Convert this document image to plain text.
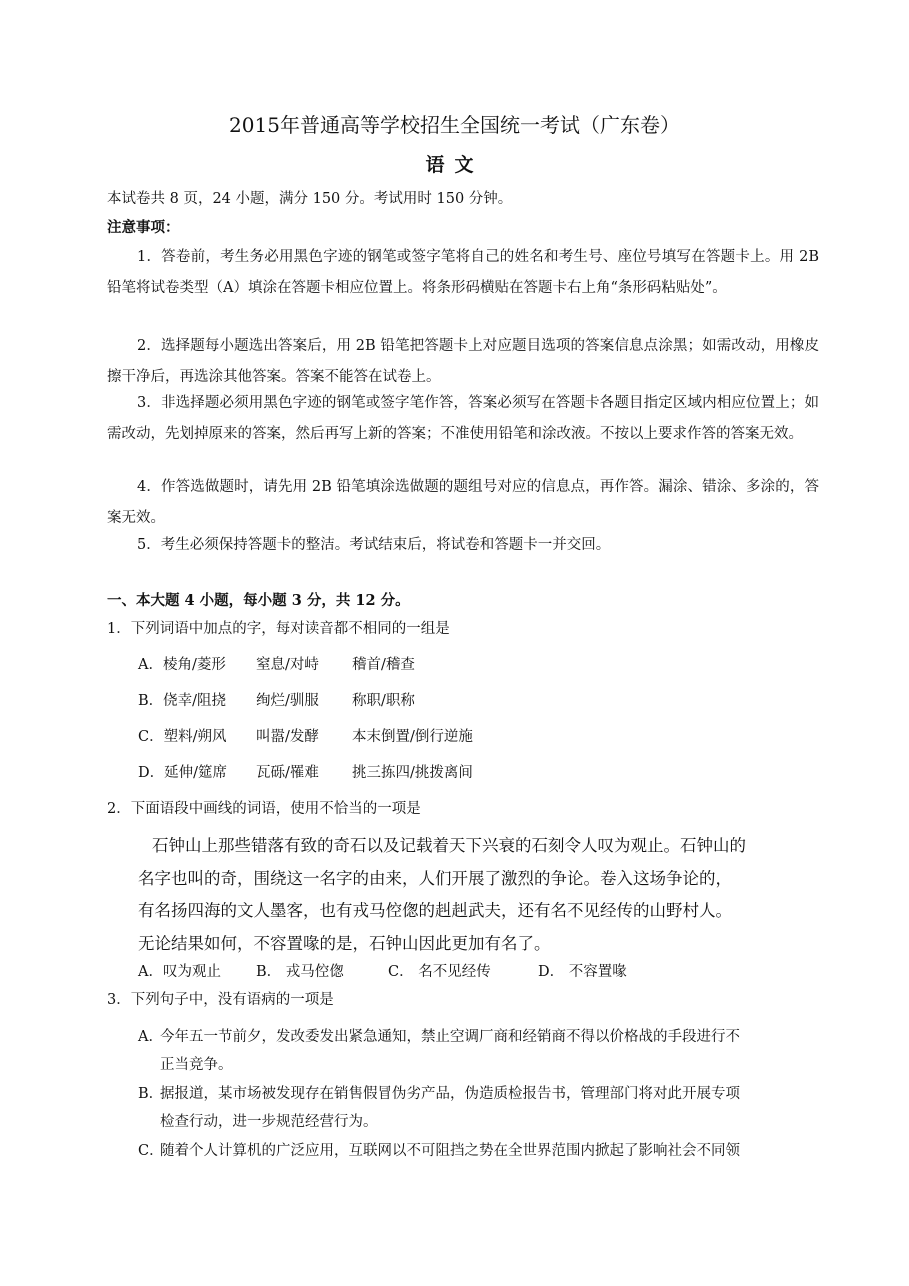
2015年普通高等学校招生全国统一考试（广东卷）
语文
本试卷共 8 页，24 小题，满分 150 分。考试用时 150 分钟。
注意事项：
1．答卷前，考生务必用黑色字迹的钢笔或签字笔将自己的姓名和考生号、座位号填写在答题卡上。用 2B 铅笔将试卷类型（A）填涂在答题卡相应位置上。将条形码横贴在答题卡右上角“条形码粘贴处”。
2．选择题每小题选出答案后，用 2B 铅笔把答题卡上对应题目选项的答案信息点涂黑；如需改动，用橡皮擦干净后，再选涂其他答案。答案不能答在试卷上。
3．非选择题必须用黑色字迹的钢笔或签字笔作答，答案必须写在答题卡各题目指定区域内相应位置上；如需改动，先划掉原来的答案，然后再写上新的答案；不准使用铅笔和涂改液。不按以上要求作答的答案无效。
4．作答选做题时，请先用 2B 铅笔填涂选做题的题组号对应的信息点，再作答。漏涂、错涂、多涂的，答案无效。
5．考生必须保持答题卡的整洁。考试结束后，将试卷和答题卡一并交回。
一、本大题 4 小题，每小题 3 分，共 12 分。
1．下列词语中加点的字，每对读音都不相同的一组是
A．棱角/菱形 窒息/对峙 稽首/稽查
B．侥幸/阻挠 绚烂/驯服 称职/职称
C．塑料/朔风 叫嚣/发酵 本末倒置/倒行逆施
D．延伸/筵席 瓦砾/罹难 挑三拣四/挑拨离间
2．下面语段中画线的词语，使用不恰当的一项是
石钟山上那些错落有致的奇石以及记载着天下兴衰的石刻令人叹为观止。石钟山的
名字也叫的奇，围绕这一名字的由来，人们开展了激烈的争论。卷入这场争论的，
有名扬四海的文人墨客，也有戎马倥偬的赳赳武夫，还有名不见经传的山野村人。
无论结果如何，不容置喙的是，石钟山因此更加有名了。
A．叹为观止 B． 戎马倥偬	C． 名不见经传	D． 不容置喙
3．下列句子中，没有语病的一项是
A．今年五一节前夕，发改委发出紧急通知，禁止空调厂商和经销商不得以价格战的手段进行不
正当竞争。
B．据报道，某市场被发现存在销售假冒伪劣产品，伪造质检报告书，管理部门将对此开展专项
检查行动，进一步规范经营行为。
C．随着个人计算机的广泛应用，互联网以不可阻挡之势在全世界范围内掀起了影响社会不同领
